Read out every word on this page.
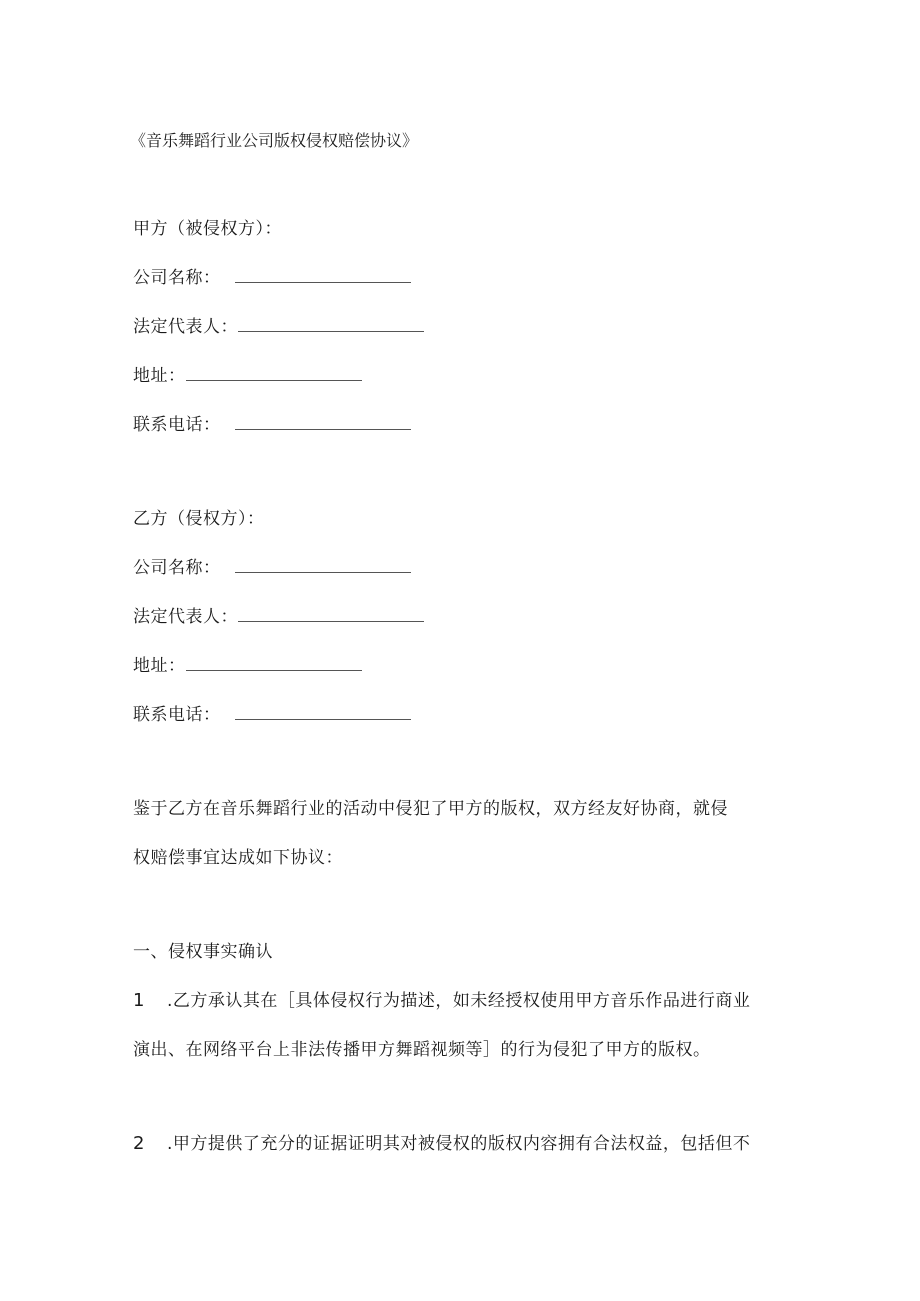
《音乐舞蹈行业公司版权侵权赔偿协议》
甲方（被侵权方）：
公司名称：
法定代表人：
地址：
联系电话：
乙方（侵权方）：
公司名称：
法定代表人：
地址：
联系电话：
鉴于乙方在音乐舞蹈行业的活动中侵犯了甲方的版权，双方经友好协商，就侵
权赔偿事宜达成如下协议：
一、侵权事实确认
1 .乙方承认其在［具体侵权行为描述，如未经授权使用甲方音乐作品进行商业
演出、在网络平台上非法传播甲方舞蹈视频等］的行为侵犯了甲方的版权。
2 .甲方提供了充分的证据证明其对被侵权的版权内容拥有合法权益，包括但不
